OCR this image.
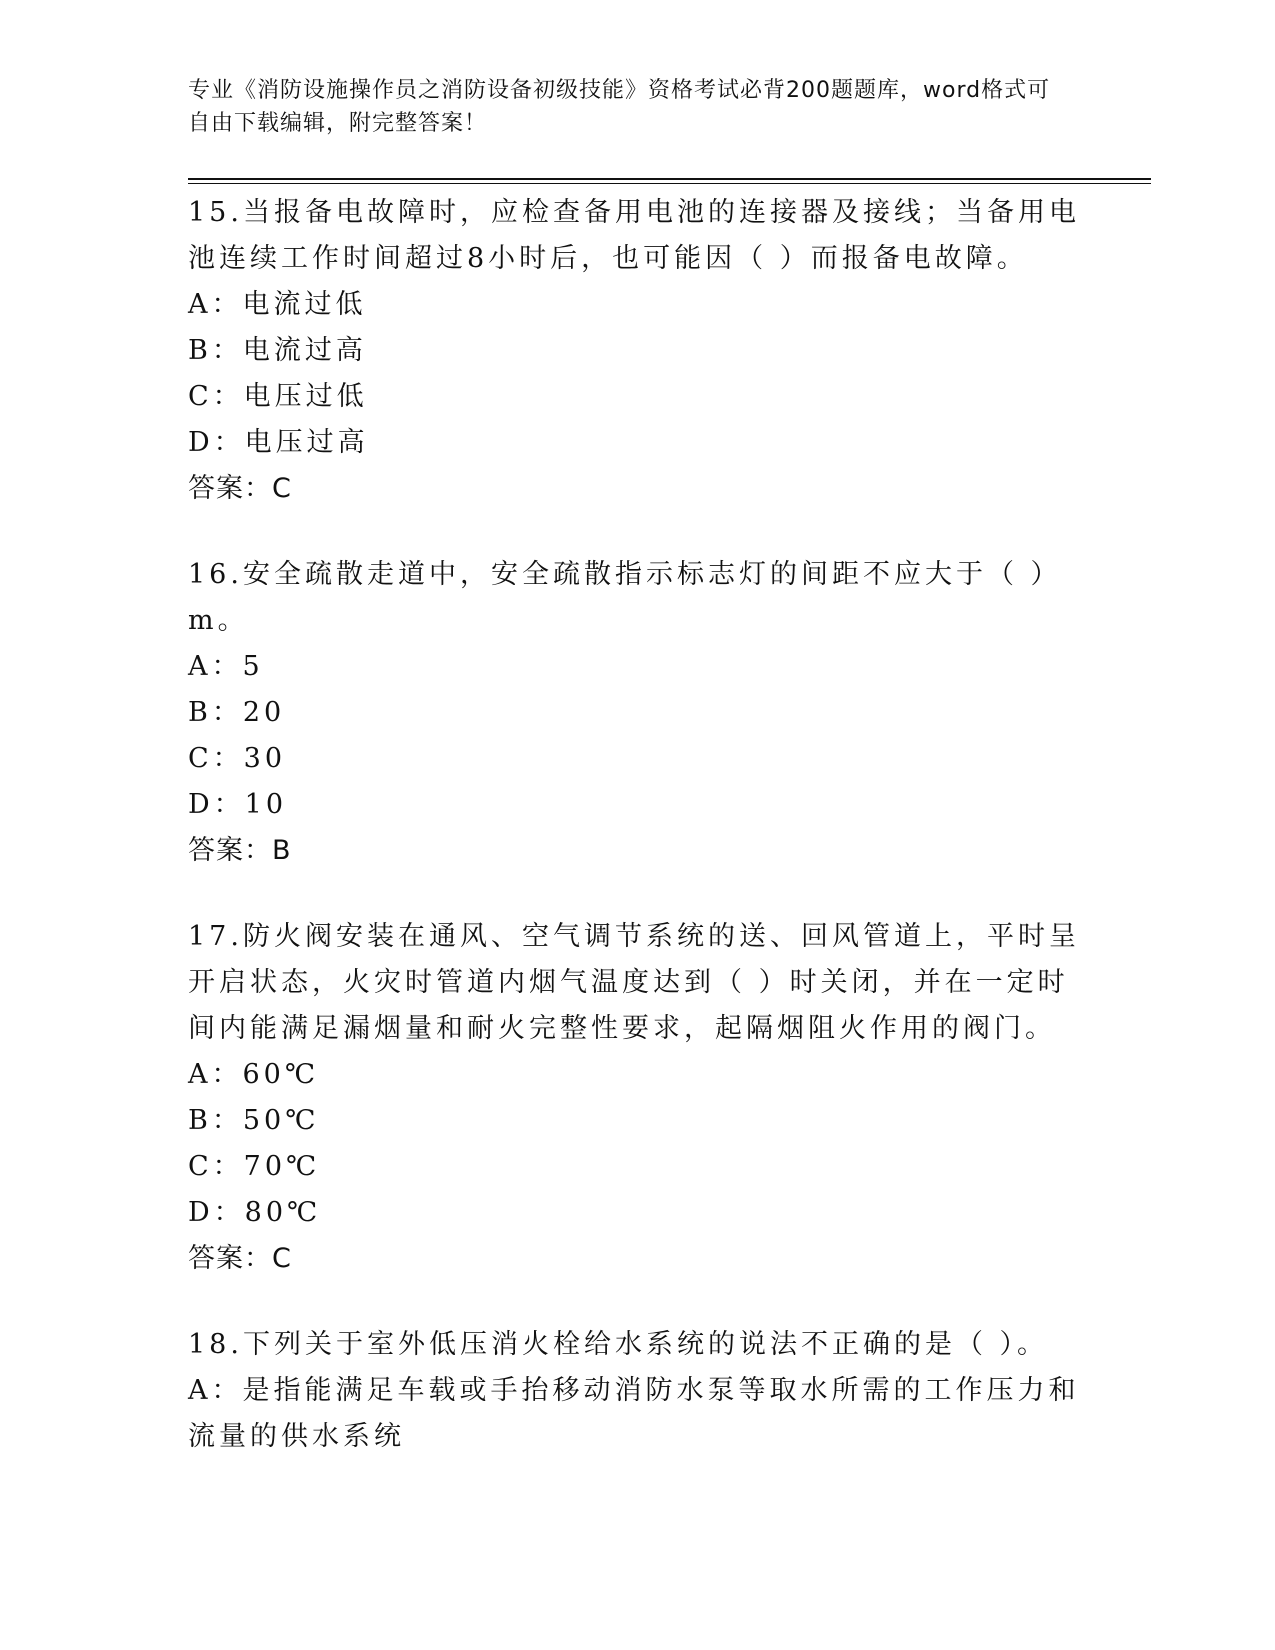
专业《消防设施操作员之消防设备初级技能》资格考试必背200题题库，word格式可自由下载编辑，附完整答案！
15.当报备电故障时，应检查备用电池的连接器及接线；当备用电池连续工作时间超过8小时后，也可能因（ ）而报备电故障。
A：电流过低
B：电流过高
C：电压过低
D：电压过高
答案：C
16.安全疏散走道中，安全疏散指示标志灯的间距不应大于（ ）m。
A：5
B：20
C：30
D：10
答案：B
17.防火阀安装在通风、空气调节系统的送、回风管道上，平时呈开启状态，火灾时管道内烟气温度达到（ ）时关闭，并在一定时间内能满足漏烟量和耐火完整性要求，起隔烟阻火作用的阀门。
A：60℃
B：50℃
C：70℃
D：80℃
答案：C
18.下列关于室外低压消火栓给水系统的说法不正确的是（ ）。
A：是指能满足车载或手抬移动消防水泵等取水所需的工作压力和流量的供水系统
